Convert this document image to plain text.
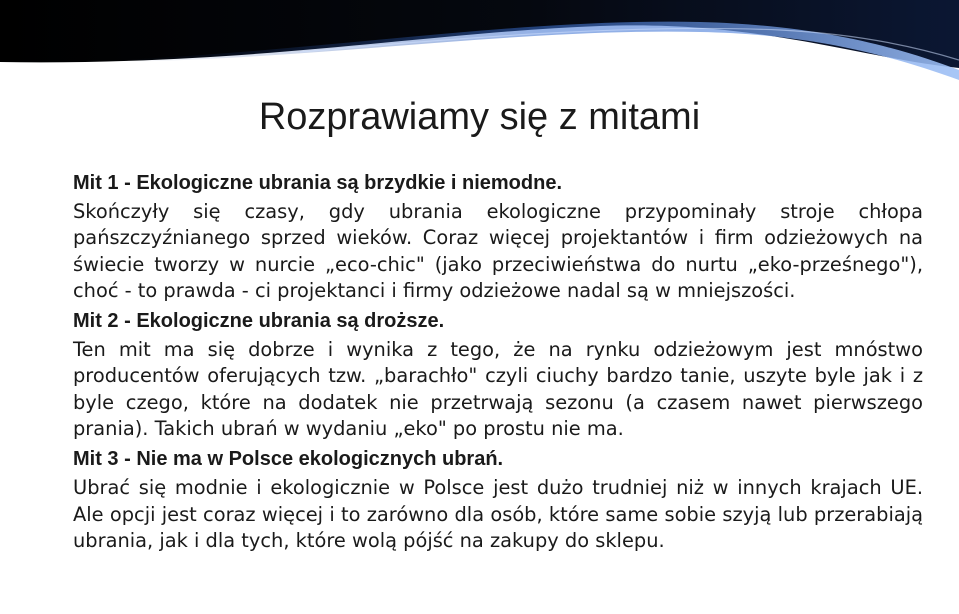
Rozprawiamy się z mitami

Mit 1 - Ekologiczne ubrania są brzydkie i niemodne.

Skończyły się czasy, gdy ubrania ekologiczne przypominały stroje chłopa pańszczyźnianego sprzed wieków. Coraz więcej projektantów i firm odzieżowych na świecie tworzy w nurcie „eco-chic" (jako przeciwieństwa do nurtu „eko-prześnego"), choć - to prawda - ci projektanci i firmy odzieżowe nadal są w mniejszości.

Mit 2 - Ekologiczne ubrania są droższe.

Ten mit ma się dobrze i wynika z tego, że na rynku odzieżowym jest mnóstwo producentów oferujących tzw. „barachło" czyli ciuchy bardzo tanie, uszyte byle jak i z byle czego, które na dodatek nie przetrwają sezonu (a czasem nawet pierwszego prania). Takich ubrań w wydaniu „eko" po prostu nie ma.

Mit 3 - Nie ma w Polsce ekologicznych ubrań.

Ubrać się modnie i ekologicznie w Polsce jest dużo trudniej niż w innych krajach UE. Ale opcji jest coraz więcej i to zarówno dla osób, które same sobie szyją lub przerabiają ubrania, jak i dla tych, które wolą pójść na zakupy do sklepu.
